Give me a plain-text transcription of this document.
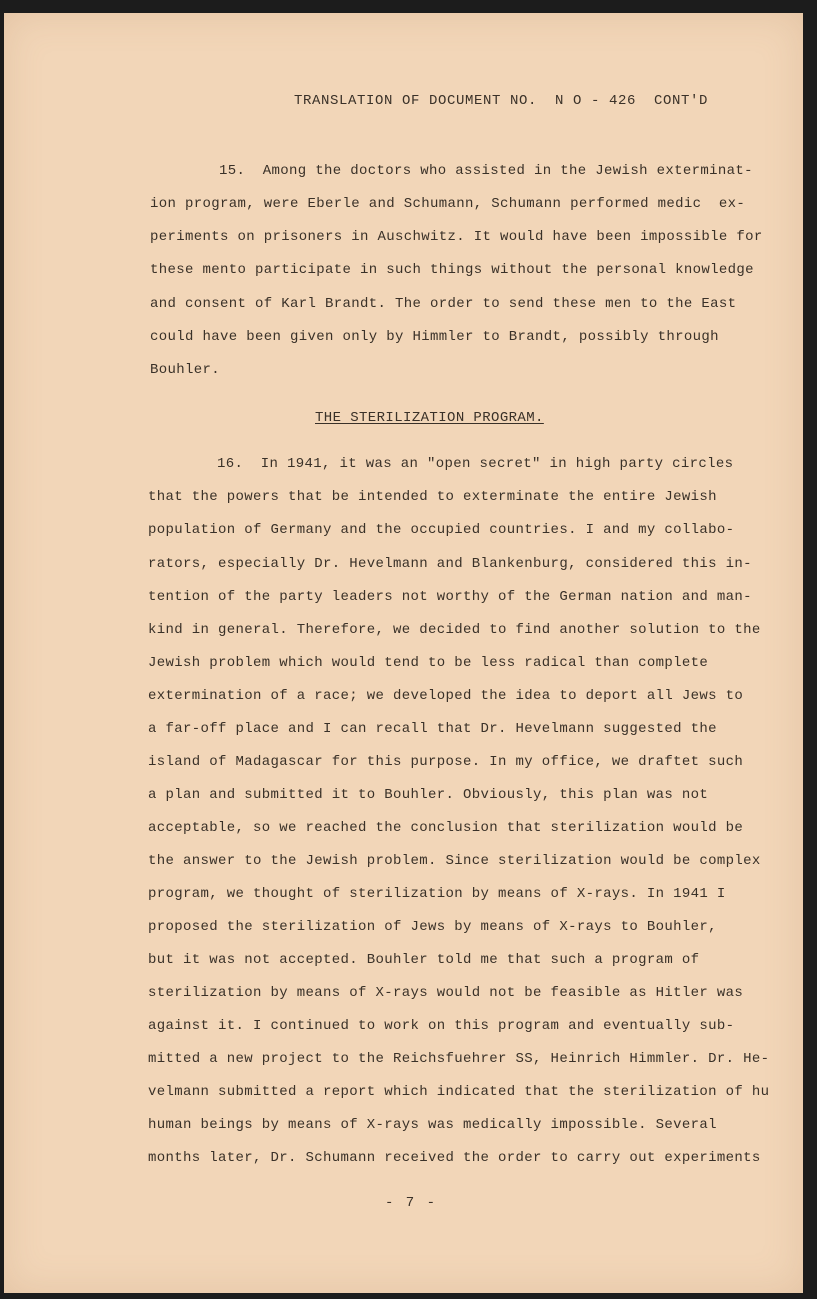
TRANSLATION OF DOCUMENT NO.  N O - 426  CONT'D

15.  Among the doctors who assisted in the Jewish exterminat-

ion program, were Eberle and Schumann, Schumann performed medic  ex-

periments on prisoners in Auschwitz. It would have been impossible for

these mento participate in such things without the personal knowledge

and consent of Karl Brandt. The order to send these men to the East

could have been given only by Himmler to Brandt, possibly through

Bouhler.

THE STERILIZATION PROGRAM.

16.  In 1941, it was an "open secret" in high party circles

that the powers that be intended to exterminate the entire Jewish

population of Germany and the occupied countries. I and my collabo-

rators, especially Dr. Hevelmann and Blankenburg, considered this in-

tention of the party leaders not worthy of the German nation and man-

kind in general. Therefore, we decided to find another solution to the

Jewish problem which would tend to be less radical than complete

extermination of a race; we developed the idea to deport all Jews to

a far-off place and I can recall that Dr. Hevelmann suggested the

island of Madagascar for this purpose. In my office, we draftet such

a plan and submitted it to Bouhler. Obviously, this plan was not

acceptable, so we reached the conclusion that sterilization would be

the answer to the Jewish problem. Since sterilization would be complex

program, we thought of sterilization by means of X-rays. In 1941 I

proposed the sterilization of Jews by means of X-rays to Bouhler,

but it was not accepted. Bouhler told me that such a program of

sterilization by means of X-rays would not be feasible as Hitler was

against it. I continued to work on this program and eventually sub-

mitted a new project to the Reichsfuehrer SS, Heinrich Himmler. Dr. He-

velmann submitted a report which indicated that the sterilization of hu

human beings by means of X-rays was medically impossible. Several

months later, Dr. Schumann received the order to carry out experiments

- 7 -
